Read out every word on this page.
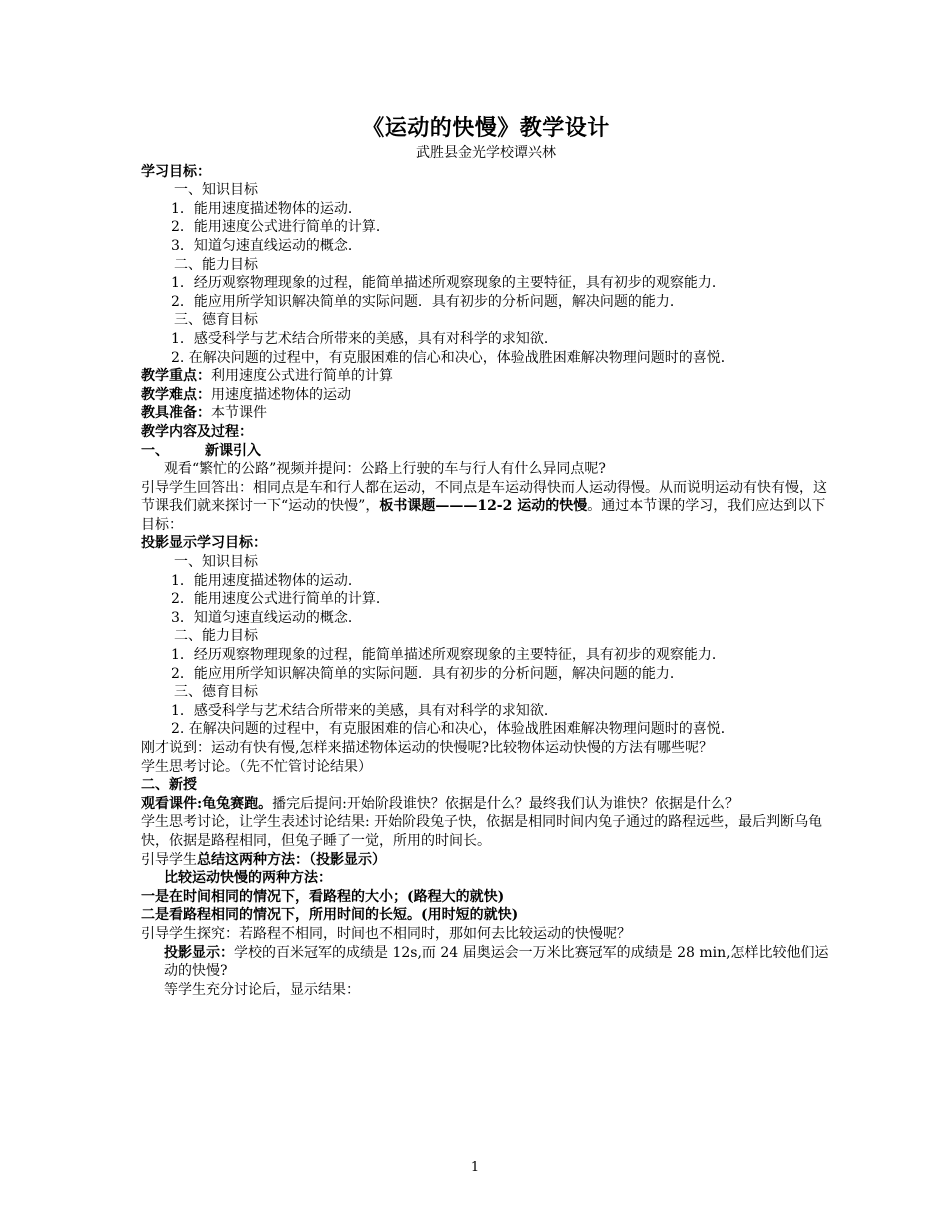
《运动的快慢》教学设计
武胜县金光学校谭兴林
学习目标：
一、知识目标
1．能用速度描述物体的运动．
2．能用速度公式进行简单的计算．
3．知道匀速直线运动的概念．
二、能力目标
1．经历观察物理现象的过程，能简单描述所观察现象的主要特征，具有初步的观察能力．
2．能应用所学知识解决简单的实际问题．具有初步的分析问题，解决问题的能力．
三、德育目标
1．感受科学与艺术结合所带来的美感，具有对科学的求知欲．
2. 在解决问题的过程中，有克服困难的信心和决心，体验战胜困难解决物理问题时的喜悦．
教学重点：利用速度公式进行简单的计算
教学难点：用速度描述物体的运动
教具准备：本节课件
教学内容及过程：
一、	新课引入
观看“繁忙的公路”视频并提问：公路上行驶的车与行人有什么异同点呢?
引导学生回答出：相同点是车和行人都在运动，不同点是车运动得快而人运动得慢。从而说明运动有快有慢，这节课我们就来探讨一下“运动的快慢”，板书课题———12-2 运动的快慢。通过本节课的学习，我们应达到以下目标：
投影显示学习目标：
一、知识目标
1．能用速度描述物体的运动．
2．能用速度公式进行简单的计算．
3．知道匀速直线运动的概念．
二、能力目标
1．经历观察物理现象的过程，能简单描述所观察现象的主要特征，具有初步的观察能力．
2．能应用所学知识解决简单的实际问题．具有初步的分析问题，解决问题的能力．
三、德育目标
1．感受科学与艺术结合所带来的美感，具有对科学的求知欲．
2. 在解决问题的过程中，有克服困难的信心和决心，体验战胜困难解决物理问题时的喜悦．
刚才说到：运动有快有慢,怎样来描述物体运动的快慢呢?比较物体运动快慢的方法有哪些呢？
学生思考讨论。（先不忙管讨论结果）
二、新授
观看课件:龟兔赛跑。播完后提问:开始阶段谁快？依据是什么？最终我们认为谁快？依据是什么？
学生思考讨论，让学生表述讨论结果: 开始阶段兔子快，依据是相同时间内兔子通过的路程远些，最后判断乌龟快，依据是路程相同，但兔子睡了一觉，所用的时间长。
引导学生总结这两种方法：（投影显示）
比较运动快慢的两种方法：
一是在时间相同的情况下，看路程的大小；(路程大的就快)
二是看路程相同的情况下，所用时间的长短。(用时短的就快)
引导学生探究：若路程不相同，时间也不相同时，那如何去比较运动的快慢呢？
投影显示：学校的百米冠军的成绩是 12s,而 24 届奥运会一万米比赛冠军的成绩是 28 min,怎样比较他们运动的快慢?
等学生充分讨论后，显示结果：
1
